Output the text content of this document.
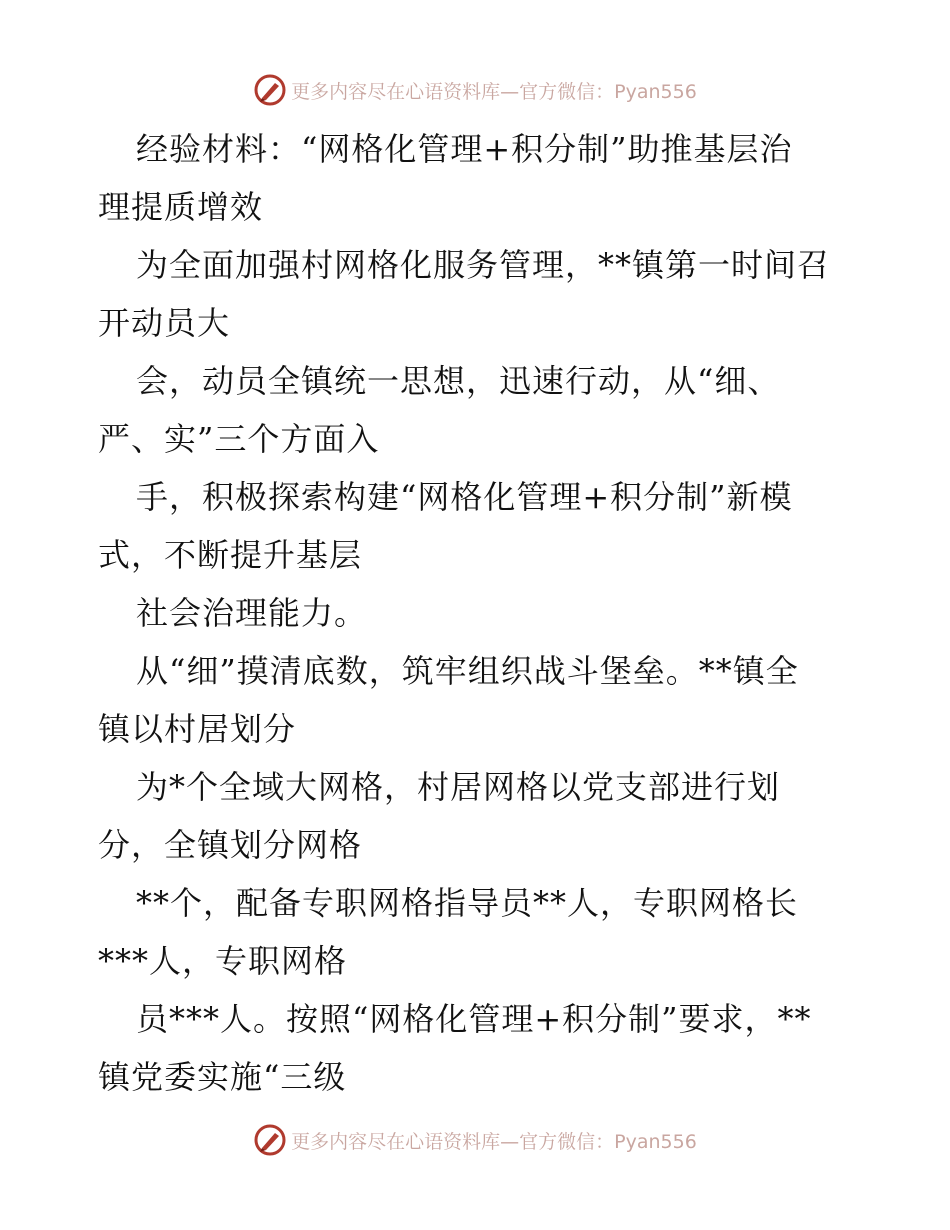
更多内容尽在心语资料库—官方微信：Pyan556
经验材料：“网格化管理+积分制”助推基层治
理提质增效
为全面加强村网格化服务管理，**镇第一时间召
开动员大
会，动员全镇统一思想，迅速行动，从“细、
严、实”三个方面入
手，积极探索构建“网格化管理+积分制”新模
式，不断提升基层
社会治理能力。
从“细”摸清底数，筑牢组织战斗堡垒。**镇全
镇以村居划分
为*个全域大网格，村居网格以党支部进行划
分，全镇划分网格
**个，配备专职网格指导员**人，专职网格长
***人，专职网格
员***人。按照“网格化管理+积分制”要求，**
镇党委实施“三级
更多内容尽在心语资料库—官方微信：Pyan556
